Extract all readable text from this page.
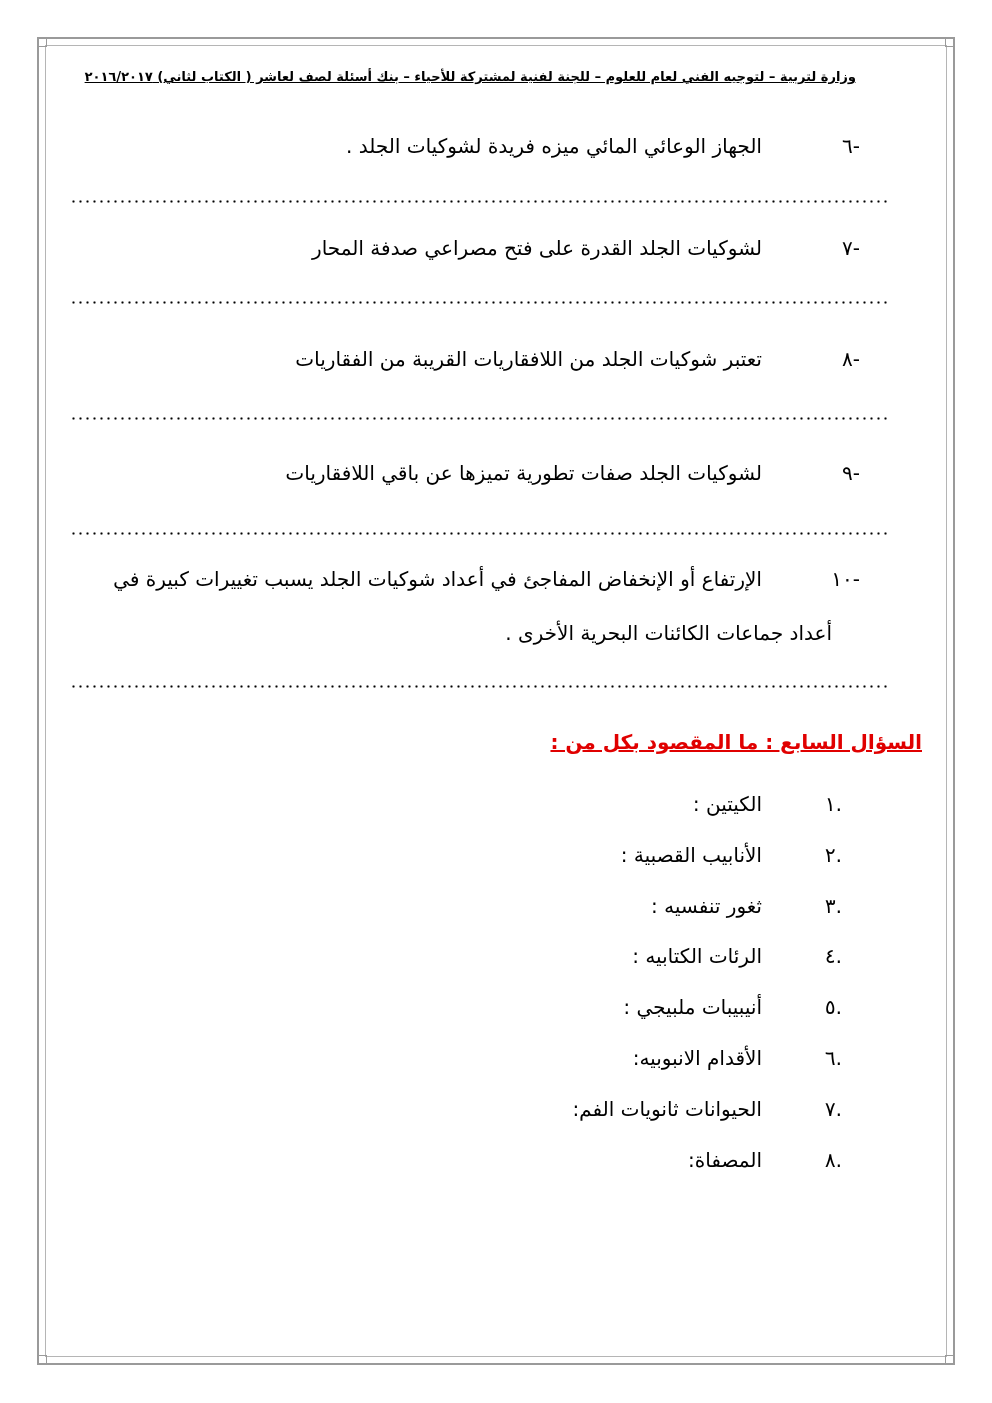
وزارة لتربية – لتوجيه الفني لعام للعلوم – للجنة لفنية لمشتركة للأحياء – بنك أسئلة لصف لعاشر ( الكتاب لثاني) ٢٠١٦/٢٠١٧
-٦
الجهاز الوعائي المائي ميزه فريدة لشوكيات الجلد .
-٧
لشوكيات الجلد القدرة على فتح مصراعي صدفة المحار
-٨
تعتبر شوكيات الجلد من اللافقاريات القريبة من الفقاريات
-٩
لشوكيات الجلد صفات تطورية تميزها عن باقي اللافقاريات
-١٠
الإرتفاع أو الإنخفاض المفاجئ في أعداد شوكيات الجلد يسبب تغييرات كبيرة في
أعداد جماعات الكائنات البحرية الأخرى .
السؤال السابع : ما المقصود بكل من :
.١
الكيتين :
.٢
الأنابيب القصبية :
.٣
ثغور تنفسيه :
.٤
الرئات الكتابيه :
.٥
أنيبيبات ملبيجي :
.٦
الأقدام الانبوبيه:
.٧
الحيوانات ثانويات الفم:
.٨
المصفاة:
